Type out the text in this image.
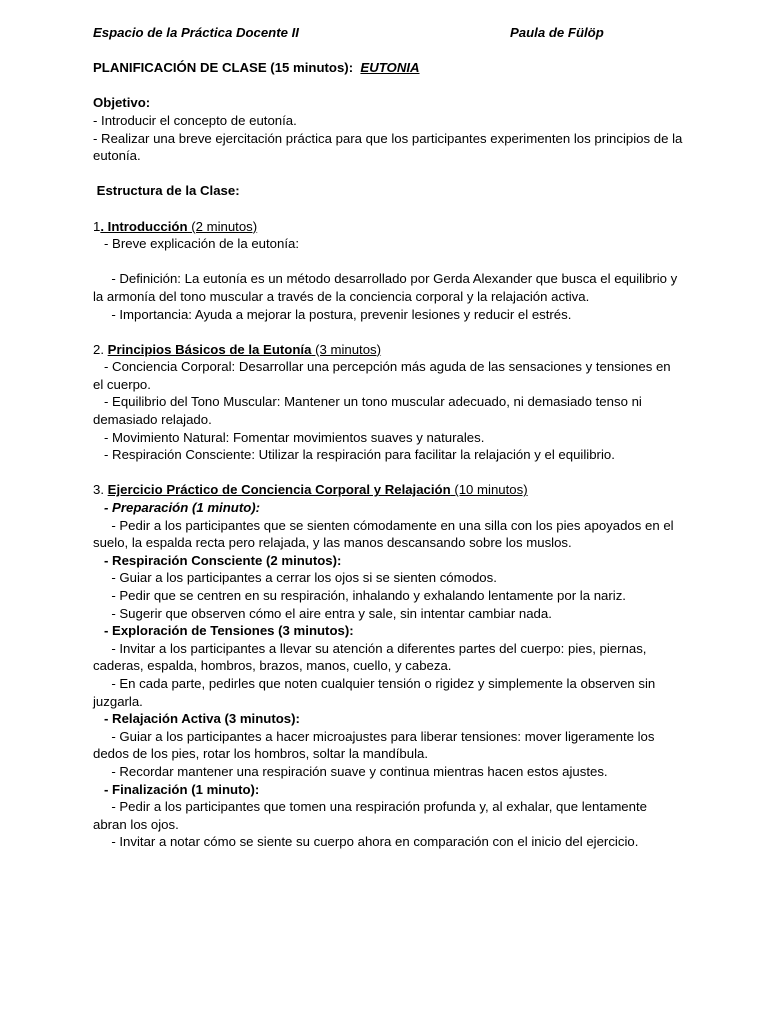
Espacio de la Práctica Docente II	Paula de Fülöp
PLANIFICACIÓN DE CLASE (15 minutos):  EUTONIA
Objetivo:
- Introducir el concepto de eutonía.
- Realizar una breve ejercitación práctica para que los participantes experimenten los principios de la eutonía.
Estructura de la Clase:
1. Introducción (2 minutos)
- Breve explicación de la eutonía:
- Definición: La eutonía es un método desarrollado por Gerda Alexander que busca el equilibrio y la armonía del tono muscular a través de la conciencia corporal y la relajación activa.
- Importancia: Ayuda a mejorar la postura, prevenir lesiones y reducir el estrés.
2. Principios Básicos de la Eutonía (3 minutos)
- Conciencia Corporal: Desarrollar una percepción más aguda de las sensaciones y tensiones en el cuerpo.
- Equilibrio del Tono Muscular: Mantener un tono muscular adecuado, ni demasiado tenso ni demasiado relajado.
- Movimiento Natural: Fomentar movimientos suaves y naturales.
- Respiración Consciente: Utilizar la respiración para facilitar la relajación y el equilibrio.
3. Ejercicio Práctico de Conciencia Corporal y Relajación (10 minutos)
- Preparación (1 minuto):
- Pedir a los participantes que se sienten cómodamente en una silla con los pies apoyados en el suelo, la espalda recta pero relajada, y las manos descansando sobre los muslos.
- Respiración Consciente (2 minutos):
- Guiar a los participantes a cerrar los ojos si se sienten cómodos.
- Pedir que se centren en su respiración, inhalando y exhalando lentamente por la nariz.
- Sugerir que observen cómo el aire entra y sale, sin intentar cambiar nada.
- Exploración de Tensiones (3 minutos):
- Invitar a los participantes a llevar su atención a diferentes partes del cuerpo: pies, piernas, caderas, espalda, hombros, brazos, manos, cuello, y cabeza.
- En cada parte, pedirles que noten cualquier tensión o rigidez y simplemente la observen sin juzgarla.
- Relajación Activa (3 minutos):
- Guiar a los participantes a hacer microajustes para liberar tensiones: mover ligeramente los dedos de los pies, rotar los hombros, soltar la mandíbula.
- Recordar mantener una respiración suave y continua mientras hacen estos ajustes.
- Finalización (1 minuto):
- Pedir a los participantes que tomen una respiración profunda y, al exhalar, que lentamente abran los ojos.
- Invitar a notar cómo se siente su cuerpo ahora en comparación con el inicio del ejercicio.
